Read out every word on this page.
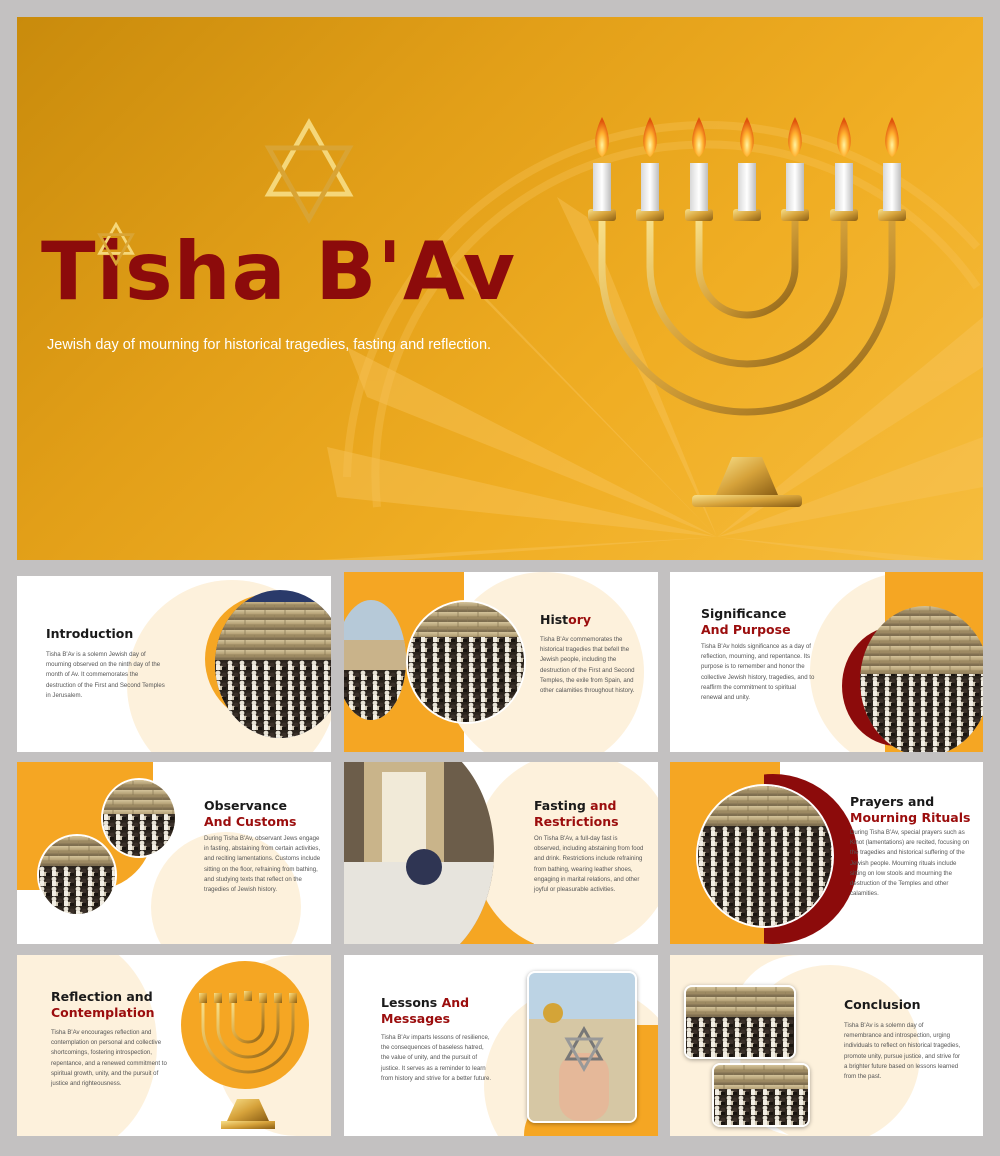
Tisha B'Av
Jewish day of mourning for historical tragedies, fasting and reflection.
Introduction
Tisha B'Av is a solemn Jewish day of mourning observed on the ninth day of the month of Av. It commemorates the destruction of the First and Second Temples in Jerusalem.
History
Tisha B'Av commemorates the historical tragedies that befell the Jewish people, including the destruction of the First and Second Temples, the exile from Spain, and other calamities throughout history.
Significance
And Purpose
Tisha B'Av holds significance as a day of reflection, mourning, and repentance. Its purpose is to remember and honor the collective Jewish history, tragedies, and to reaffirm the commitment to spiritual renewal and unity.
Observance
And Customs
During Tisha B'Av, observant Jews engage in fasting, abstaining from certain activities, and reciting lamentations. Customs include sitting on the floor, refraining from bathing, and studying texts that reflect on the tragedies of Jewish history.
Fasting and
Restrictions
On Tisha B'Av, a full-day fast is observed, including abstaining from food and drink. Restrictions include refraining from bathing, wearing leather shoes, engaging in marital relations, and other joyful or pleasurable activities.
Prayers and
Mourning Rituals
During Tisha B'Av, special prayers such as Kinot (lamentations) are recited, focusing on the tragedies and historical suffering of the Jewish people. Mourning rituals include sitting on low stools and mourning the destruction of the Temples and other calamities.
Reflection and
Contemplation
Tisha B'Av encourages reflection and contemplation on personal and collective shortcomings, fostering introspection, repentance, and a renewed commitment to spiritual growth, unity, and the pursuit of justice and righteousness.
Lessons And
Messages
Tisha B'Av imparts lessons of resilience, the consequences of baseless hatred, the value of unity, and the pursuit of justice. It serves as a reminder to learn from history and strive for a better future.
Conclusion
Tisha B'Av is a solemn day of remembrance and introspection, urging individuals to reflect on historical tragedies, promote unity, pursue justice, and strive for a brighter future based on lessons learned from the past.
